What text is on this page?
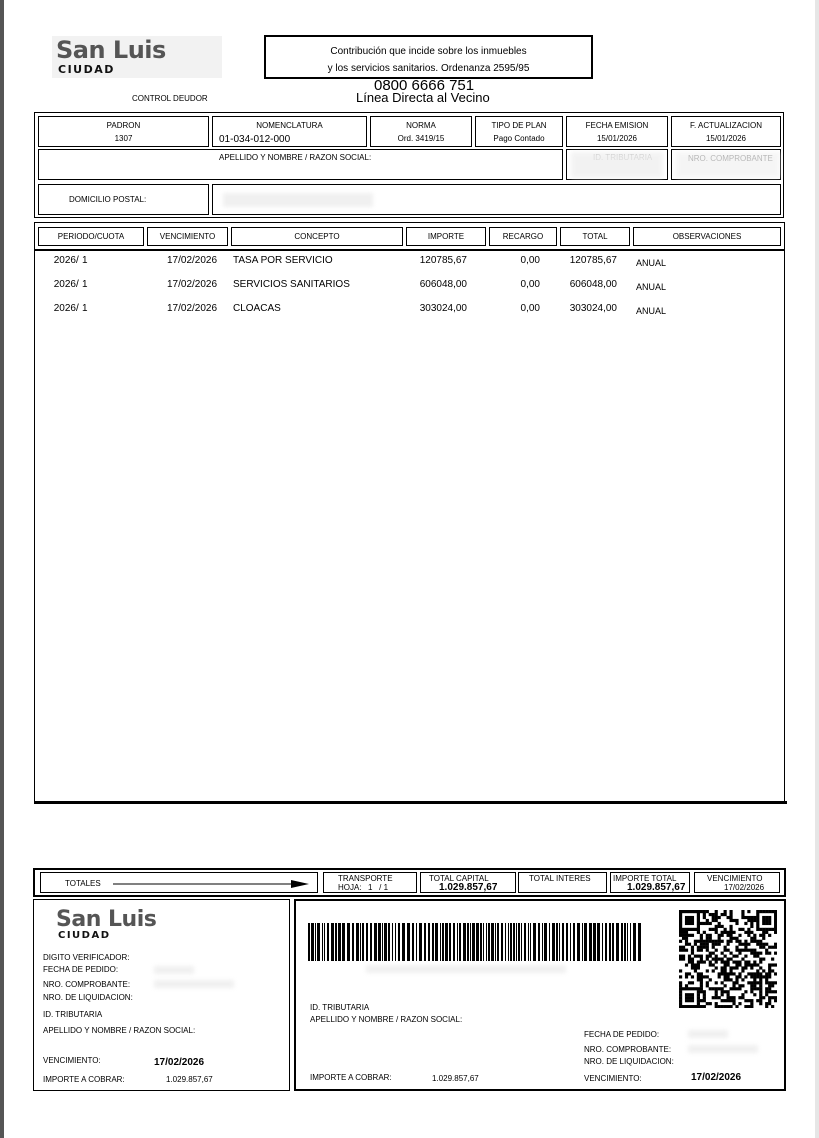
San Luis
CIUDAD
Contribución que incide sobre los inmuebles
y los servicios sanitarios. Ordenanza 2595/95
0800 6666 751
Línea Directa al Vecino
CONTROL DEUDOR
PADRON
1307
NOMENCLATURA
01-034-012-000
NORMA
Ord. 3419/15
TIPO DE PLAN
Pago Contado
FECHA EMISION
15/01/2026
F. ACTUALIZACION
15/01/2026
APELLIDO Y NOMBRE / RAZON SOCIAL:
DOMICILIO POSTAL:
PERIODO/CUOTA	VENCIMIENTO	CONCEPTO	IMPORTE	RECARGO	TOTAL	OBSERVACIONES
2026 / 1	17/02/2026 TASA POR SERVICIO	120785,67	0,00	120785,67 ANUAL
2026 / 1	17/02/2026 SERVICIOS SANITARIOS	606048,00	0,00	606048,00 ANUAL
2026 / 1	17/02/2026 CLOACAS	303024,00	0,00	303024,00 ANUAL
TOTALES
TRANSPORTE
HOJA: 1   / 1
TOTAL CAPITAL
1.029.857,67
TOTAL INTERES	IMPORTE TOTAL
1.029.857,67
VENCIMIENTO
17/02/2026
San Luis
CIUDAD
DIGITO VERIFICADOR:
FECHA DE PEDIDO:
NRO. COMPROBANTE:
NRO. DE LIQUIDACION:
ID. TRIBUTARIA
APELLIDO Y NOMBRE / RAZON SOCIAL:
VENCIMIENTO:	17/02/2026
IMPORTE A COBRAR:	1.029.857,67
ID. TRIBUTARIA
APELLIDO Y NOMBRE / RAZON SOCIAL:
FECHA DE PEDIDO:
NRO. COMPROBANTE:
NRO. DE LIQUIDACION:
IMPORTE A COBRAR:	1.029.857,67	VENCIMIENTO:	17/02/2026
